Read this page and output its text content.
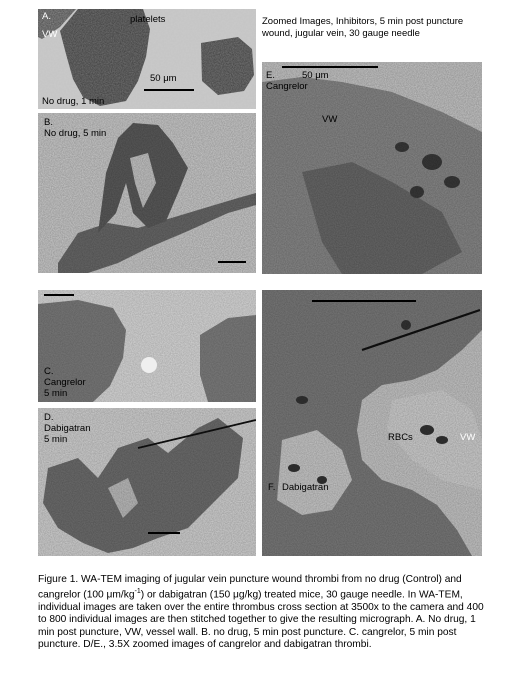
A.
VW
platelets
50 μm
No drug, 1 min
B.
No drug, 5 min
C.
Cangrelor
5 min
D.
Dabigatran
5 min
Zoomed Images, Inhibitors, 5 min post puncture wound, jugular vein, 30 gauge needle
E.	50 μm
Cangrelor
VW
F. Dabigatran
RBCs	VW
Figure 1. WA-TEM imaging of jugular vein puncture wound thrombi from no drug (Control) and cangrelor (100 $\mu m/kg^{-1}$) or dabigatran (150 μg/kg) treated mice, 30 gauge needle. In WA-TEM, individual images are taken over the entire thrombus cross section at 3500x to the camera and 400 to 800 individual images are then stitched together to give the resulting micrograph. A. No drug, 1 min post puncture, VW, vessel wall. B. no drug, 5 min post puncture. C. cangrelor, 5 min post puncture. D/E., 3.5X zoomed images of cangrelor and dabigatran thrombi.
